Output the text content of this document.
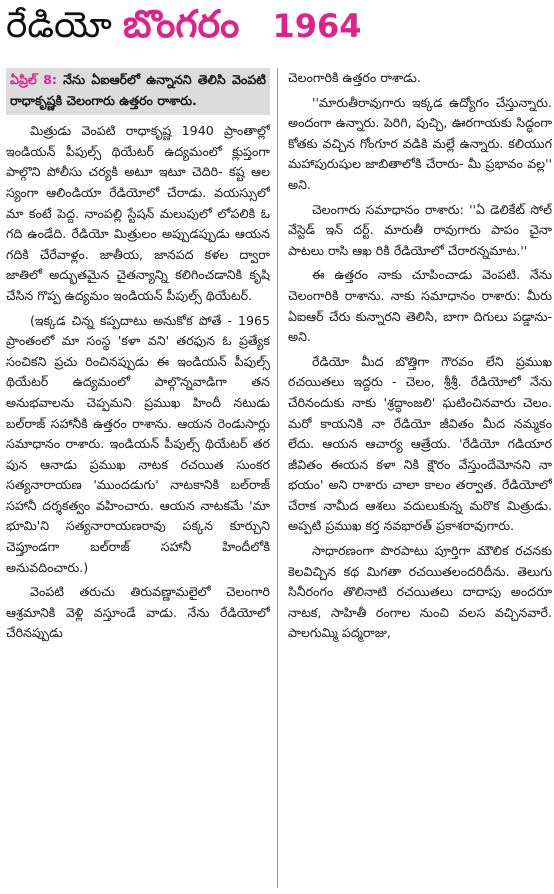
రేడియో బొంగరం 1964
ఏప్రిల్ 8: నేను ఏఐఆర్‌లో ఉన్నానని తెలిసి వెంపటి రాధాకృష్ణకి చెలంగారు ఉత్తరం రాశారు.

మిత్రుడు వెంపటి రాధాకృష్ణ 1940 ప్రాంతాల్లో ఇండియన్ పీపుల్స్ థియేటర్ ఉద్యమంలో క్లుప్తంగా పాల్గొని పోలీసు చర్యకి అటూ ఇటూ చెదిరి- కష్ట ఆల స్యంగా ఆలిండియా రేడియోలో చేరాడు. వయస్సులో మా కంటే పెద్ద. నాంపల్లి స్టేషన్ మలుపులో లోపలికి ఓ గది ఉండేది. రేడియో మిత్రులం అప్పుడప్పుడు ఆయన గదికి చేరేవాళ్లం. జాతీయ, జానపద కళల ద్వారా జాతిలో అద్భుతమైన చైతన్యాన్ని కలిగించడానికి కృషి చేసిన గొప్ప ఉద్యమం ఇండియన్ పీపుల్స్ థియేటర్.

(ఇక్కడ చిన్న కప్పదాటు అనుకోక పోతే - 1965 ప్రాంతంలో మా సంస్థ 'కళా వని' తరఫున ఓ ప్రత్యేక సంచికని ప్రచు రించినప్పుడు ఈ ఇండియన్ పీపుల్స్ థియేటర్ ఉద్యమంలో పాల్గొన్నవాడిగా తన అనుభవాలను చెప్పమని ప్రముఖ హిందీ నటుడు బల్‌రాజ్ సహానీకి ఉత్తరం రాశాను. ఆయన రెండుసార్లు సమాధానం రాశారు. ఇండియన్ పీపుల్స్ థియేటర్ తర పున ఆనాడు ప్రముఖ నాటక రచయిత సుంకర సత్యనారాయణ 'ముందడుగు' నాటకానికి బల్‌రాజ్ సహానీ దర్శకత్వం వహించారు. ఆయన నాటకమే 'మా భూమి'ని సత్యనారాయణరావు పక్కన కూర్చుని చెప్తూండగా బల్‌రాజ్ సహానీ హిందీలోకి అనువదించారు.)

వెంపటి తరుచు తిరువణ్ణామలైలో చెలంగారి ఆశ్రమానికి వెళ్లి వస్తూండే వాడు. నేను రేడియోలో చేరినప్పుడు

చెలంగారికి ఉత్తరం రాశాడు.

''మారుతీరావుగారు ఇక్కడ ఉద్యోగం చేస్తున్నారు. అందంగా ఉన్నారు. పెరిగి, పుచ్చి, ఊరగాయకు సిద్ధంగా కోతకు వచ్చిన గోంగూర వడికి మల్లే ఉన్నారు. కలియుగ మహాపురుషుల జాబితాలోకి చేరారు- మీ ప్రభావం వల్ల'' అని.

చెలంగారు సమాధానం రాశారు: ''ఏ డెలికేట్ సోల్ వేస్టెడ్ ఇన్ దర్ట్. మారుతీ రావుగారు పాపం చైనా పాటలు రాసి ఆఖ రికి రేడియోలో చేరారన్నమాట.''

ఈ ఉత్తరం నాకు చూపించాడు వెంపటి. నేను చెలంగారికి రాశాను. నాకు సమాధానం రాశారు: మీరు ఏఐఆర్ చేరు కున్నారని తెలిసి, బాగా దిగులు పడ్డాను- అని.

రేడియో మీద బొత్తిగా గౌరవం లేని ప్రముఖ రచయితలు ఇద్దరు - చెలం, శ్రీశ్రీ. రేడియోలో నేను చేరినందుకు నాకు 'శ్రద్ధాంజలి' ఘటించినవారు చెలం. మరో కాయనికి నా రేడియో జీవితం మీద నమ్మకం లేదు. ఆయన ఆచార్య ఆత్రేయ. 'రేడియో గడియార జీవితం ఈయన కళా నికి క్షౌరం వేస్తుందేమోనని నా భయం' అని రాశారు చాలా కాలం తర్వాత. రేడియోలో చేరాక నామీద ఆశలు వదులుకున్న మరొక మిత్రుడు. అప్పటి ప్రముఖ కర్త నవభారత్ ప్రకాశరావుగారు.

సాధారణంగా పొరపాటు పూర్తిగా మౌలిక రచనకు కెలవిచ్చిన కథ మిగతా రచయితలందరిదీను. తెలుగు సినీరంగం తొలినాటి రచయితలు దాదాపు అందరూ నాటక, సాహితీ రంగాల నుంచి వలస వచ్చినవారే. పాలగుమ్మి పద్మరాజు,
